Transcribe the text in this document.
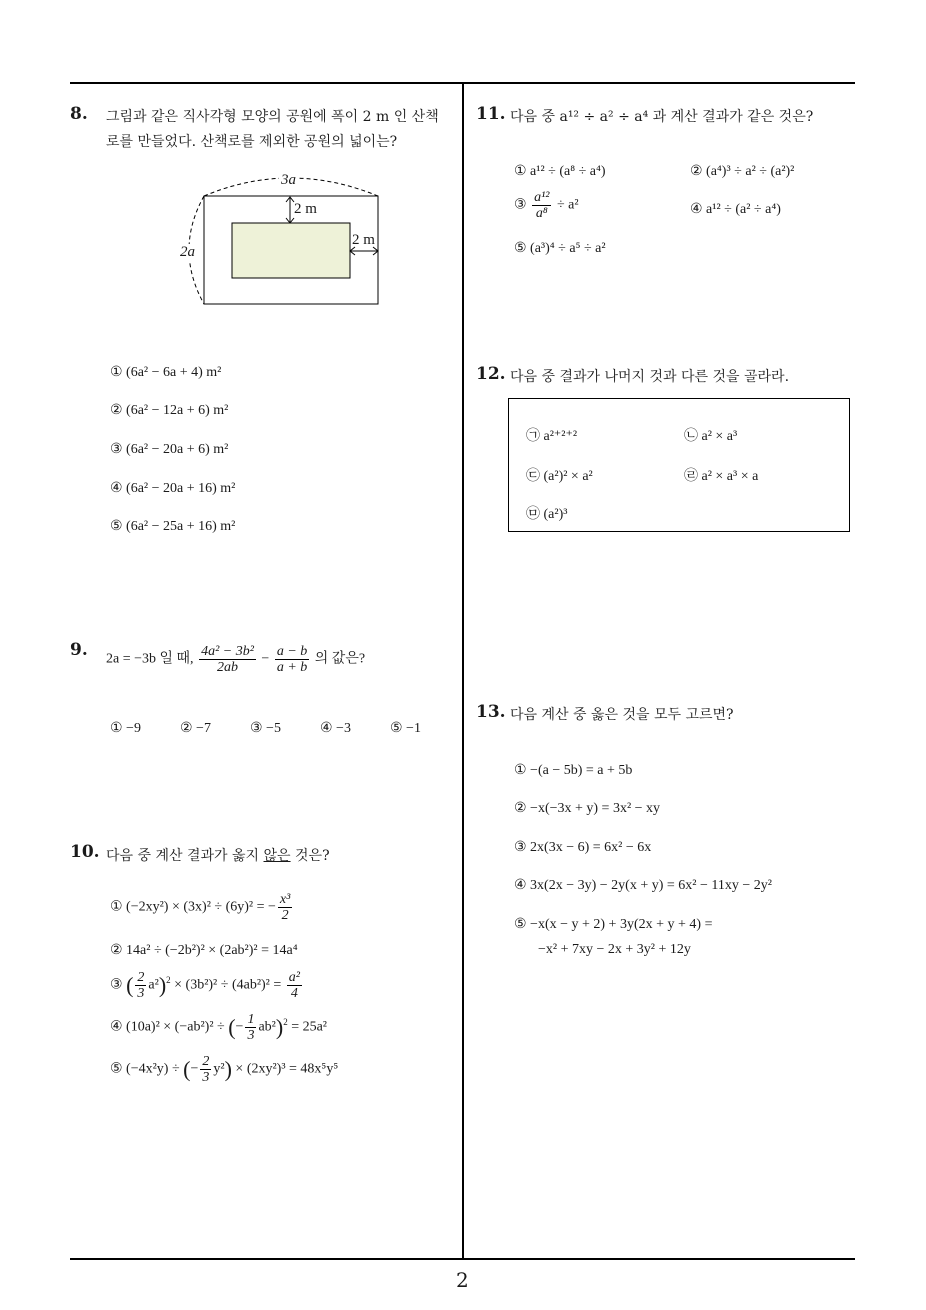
2
8. 그림과 같은 직사각형 모양의 공원에 폭이 2 m 인 산책
로를 만들었다. 산책로를 제외한 공원의 넓이는?
3a
2a
2 m
2 m
① (6a² − 6a + 4) m²
② (6a² − 12a + 6) m²
③ (6a² − 20a + 6) m²
④ (6a² − 20a + 16) m²
⑤ (6a² − 25a + 16) m²
9. 2a = −3b 일 때, $\frac{\text{4a² − 3b²}}{2ab} - \frac{a - b}{a + b}$ 의 값은?
① −9	② −7	③ −5	④ −3	⑤ −1
10. 다음 중 계산 결과가 옳지 않은 것은?
① (−2xy²) × (3x)² ÷ (6y)² = − $\frac{\text{x³}}{2}$
② 14a² ÷ (−2b²)² × (2ab²)² = 14a⁴
③ ( $\frac{2}{3} a^2)^2 \times (3b^2)^2 \div (4ab^2)^2 = \frac{\text{a²}}{4}$
④ (10a)² × (−ab²)² ÷ (− $\frac{1}{3} ab^2)^2 = 25a^2$
⑤ (−4x²y) ÷ (− $\frac{2}{3} y^2) \times (2xy^2)^3 = 48x^5y^5$
11. 다음 중 a¹² ÷ a² ÷ a⁴ 과 계산 결과가 같은 것은?
① a¹² ÷ (a⁸ ÷ a⁴)	② (a⁴)³ ÷ a² ÷ (a²)²
③ $\frac{\text{a¹²}}{\text{a⁸}} \div a^2$	④ a¹² ÷ (a² ÷ a⁴)
⑤ (a³)⁴ ÷ a⁵ ÷ a²
12. 다음 중 결과가 나머지 것과 다른 것을 골라라.
㉠ a²⁺²⁺²	㉡ a² × a³
㉢ (a²)² × a²	㉣ a² × a³ × a
㉤ (a²)³
13. 다음 계산 중 옳은 것을 모두 고르면?
① −(a − 5b) = a + 5b
② −x(−3x + y) = 3x² − xy
③ 2x(3x − 6) = 6x² − 6x
④ 3x(2x − 3y) − 2y(x + y) = 6x² − 11xy − 2y²
⑤ −x(x − y + 2) + 3y(2x + y + 4) =
−x² + 7xy − 2x + 3y² + 12y
